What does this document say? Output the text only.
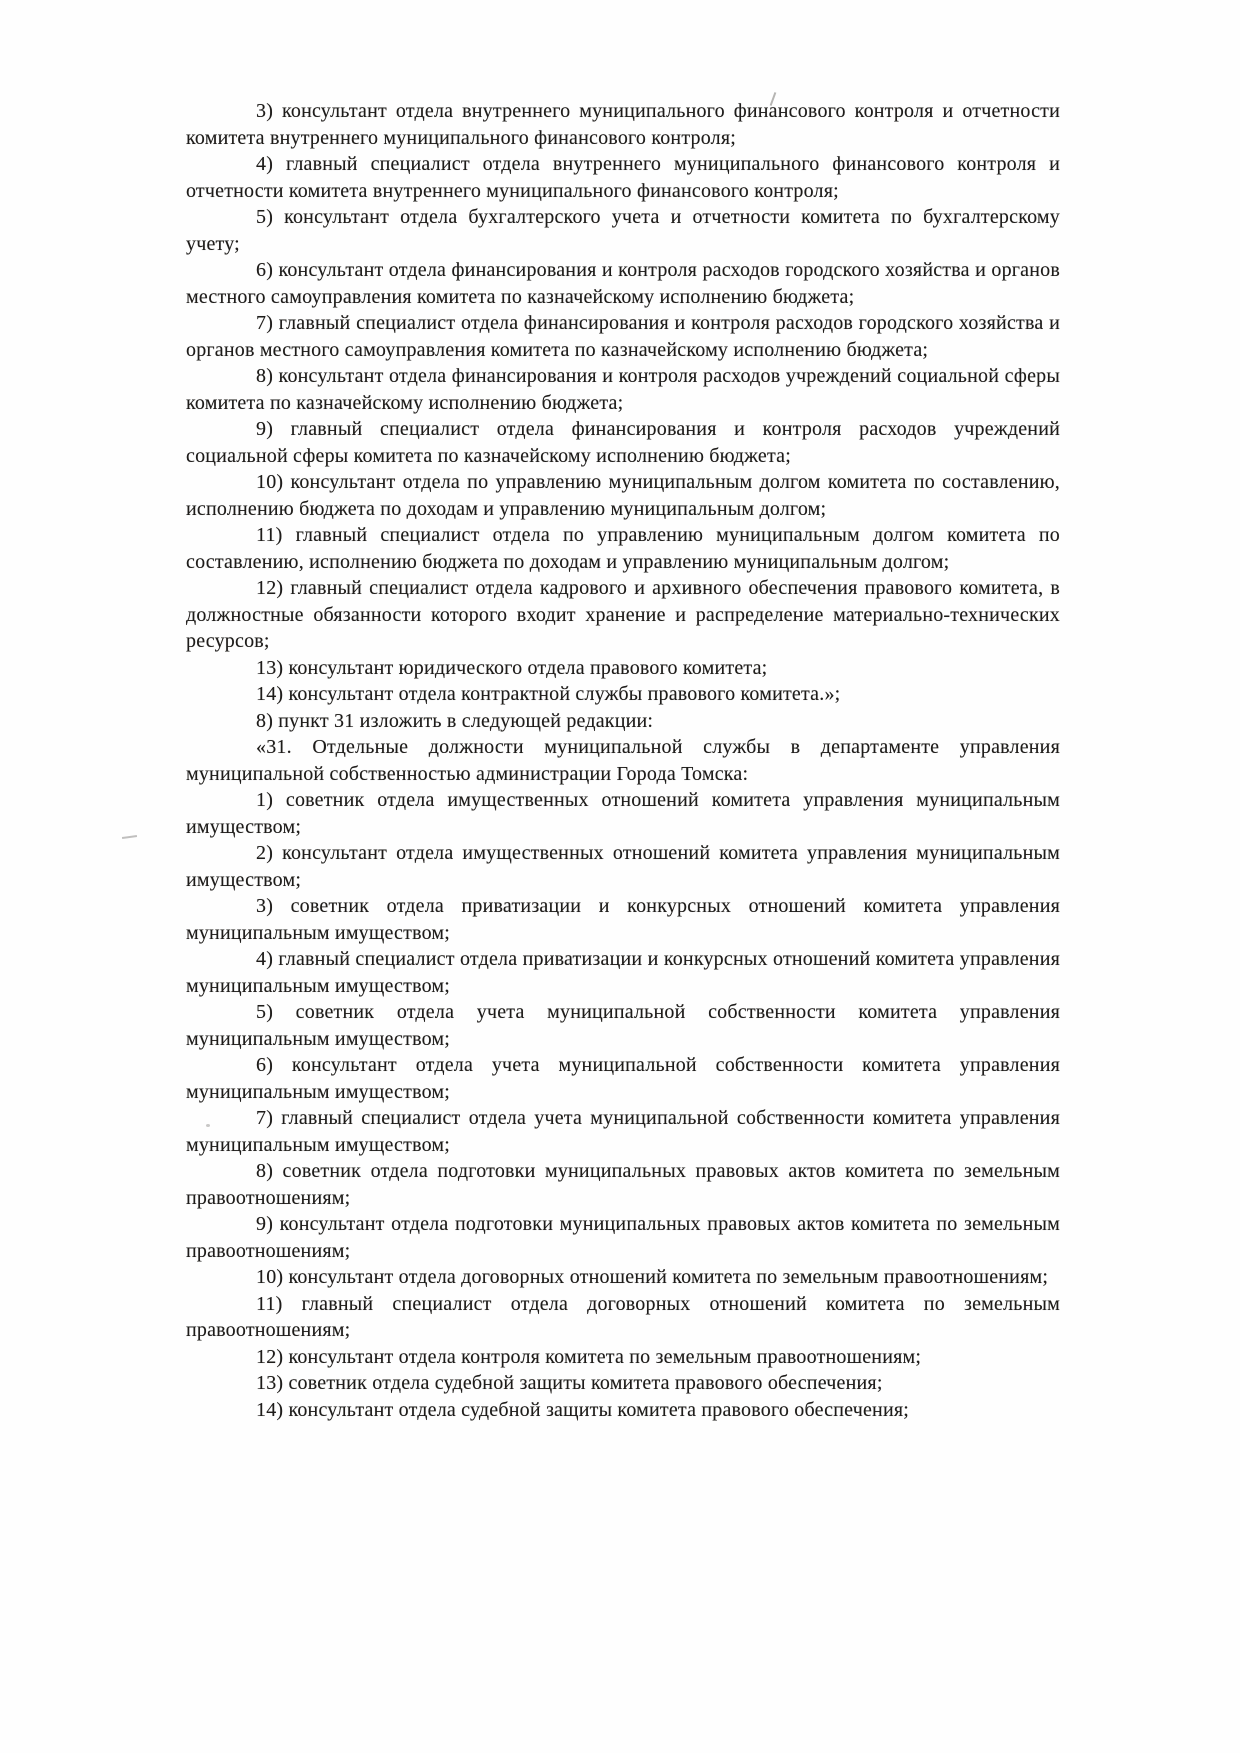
3) консультант отдела внутреннего муниципального финансового контроля и отчетности комитета внутреннего муниципального финансового контроля;

4) главный специалист отдела внутреннего муниципального финансового контроля и отчетности комитета внутреннего муниципального финансового контроля;

5) консультант отдела бухгалтерского учета и отчетности комитета по бухгалтерскому учету;

6) консультант отдела финансирования и контроля расходов городского хозяйства и органов местного самоуправления комитета по казначейскому исполнению бюджета;

7) главный специалист отдела финансирования и контроля расходов городского хозяйства и органов местного самоуправления комитета по казначейскому исполнению бюджета;

8) консультант отдела финансирования и контроля расходов учреждений социальной сферы комитета по казначейскому исполнению бюджета;

9) главный специалист отдела финансирования и контроля расходов учреждений социальной сферы комитета по казначейскому исполнению бюджета;

10) консультант отдела по управлению муниципальным долгом комитета по составлению, исполнению бюджета по доходам и управлению муниципальным долгом;

11) главный специалист отдела по управлению муниципальным долгом комитета по составлению, исполнению бюджета по доходам и управлению муниципальным долгом;

12) главный специалист отдела кадрового и архивного обеспечения правового комитета, в должностные обязанности которого входит хранение и распределение материально-технических ресурсов;

13) консультант юридического отдела правового комитета;

14) консультант отдела контрактной службы правового комитета.»;

8) пункт 31 изложить в следующей редакции:

«31. Отдельные должности муниципальной службы в департаменте управления муниципальной собственностью администрации Города Томска:

1) советник отдела имущественных отношений комитета управления муниципальным имуществом;

2) консультант отдела имущественных отношений комитета управления муниципальным имуществом;

3) советник отдела приватизации и конкурсных отношений комитета управления муниципальным имуществом;

4) главный специалист отдела приватизации и конкурсных отношений комитета управления муниципальным имуществом;

5) советник отдела учета муниципальной собственности комитета управления муниципальным имуществом;

6) консультант отдела учета муниципальной собственности комитета управления муниципальным имуществом;

7) главный специалист отдела учета муниципальной собственности комитета управления муниципальным имуществом;

8) советник отдела подготовки муниципальных правовых актов комитета по земельным правоотношениям;

9) консультант отдела подготовки муниципальных правовых актов комитета по земельным правоотношениям;

10) консультант отдела договорных отношений комитета по земельным правоотношениям;

11) главный специалист отдела договорных отношений комитета по земельным правоотношениям;

12) консультант отдела контроля комитета по земельным правоотношениям;

13) советник отдела судебной защиты комитета правового обеспечения;

14) консультант отдела судебной защиты комитета правового обеспечения;
